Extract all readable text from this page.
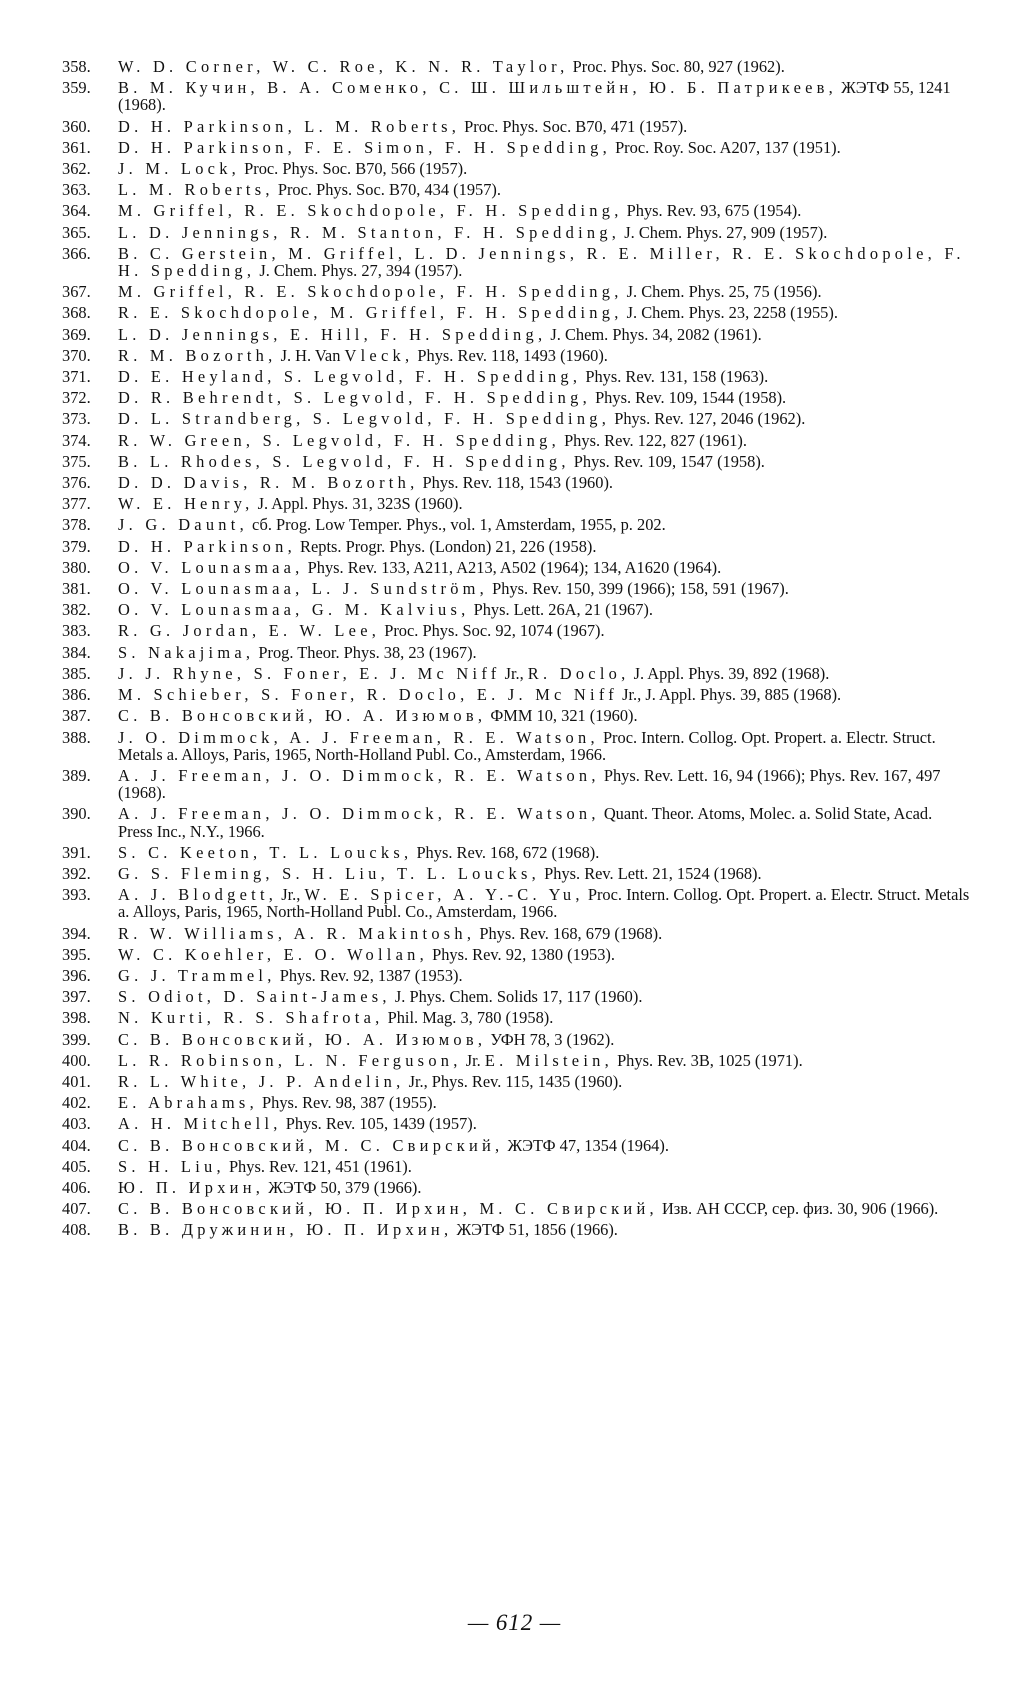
358.	W. D. Corner, W. C. Roe, K. N. R. Taylor, Proc. Phys. Soc. 80, 927 (1962).
359.	В. М. Кучин, В. А. Соменко, С. Ш. Шильштейн, Ю. Б. Патрикеев, ЖЭТФ 55, 1241 (1968).
360.	D. H. Parkinson, L. M. Roberts, Proc. Phys. Soc. B70, 471 (1957).
361.	D. H. Parkinson, F. E. Simon, F. H. Spedding, Proc. Roy. Soc. A207, 137 (1951).
362.	J. M. Lock, Proc. Phys. Soc. B70, 566 (1957).
363.	L. M. Roberts, Proc. Phys. Soc. B70, 434 (1957).
364.	M. Griffel, R. E. Skochdopole, F. H. Spedding, Phys. Rev. 93, 675 (1954).
365.	L. D. Jennings, R. M. Stanton, F. H. Spedding, J. Chem. Phys. 27, 909 (1957).
366.	B. C. Gerstein, M. Griffel, L. D. Jennings, R. E. Miller, R. E. Skochdopole, F. H. Spedding, J. Chem. Phys. 27, 394 (1957).
367.	M. Griffel, R. E. Skochdopole, F. H. Spedding, J. Chem. Phys. 25, 75 (1956).
368.	R. E. Skochdopole, M. Griffel, F. H. Spedding, J. Chem. Phys. 23, 2258 (1955).
369.	L. D. Jennings, E. Hill, F. H. Spedding, J. Chem. Phys. 34, 2082 (1961).
370.	R. M. Bozorth, J. H. Van Vleck, Phys. Rev. 118, 1493 (1960).
371.	D. E. Heyland, S. Legvold, F. H. Spedding, Phys. Rev. 131, 158 (1963).
372.	D. R. Behrendt, S. Legvold, F. H. Spedding, Phys. Rev. 109, 1544 (1958).
373.	D. L. Strandberg, S. Legvold, F. H. Spedding, Phys. Rev. 127, 2046 (1962).
374.	R. W. Green, S. Legvold, F. H. Spedding, Phys. Rev. 122, 827 (1961).
375.	B. L. Rhodes, S. Legvold, F. H. Spedding, Phys. Rev. 109, 1547 (1958).
376.	D. D. Davis, R. M. Bozorth, Phys. Rev. 118, 1543 (1960).
377.	W. E. Henry, J. Appl. Phys. 31, 323S (1960).
378.	J. G. Daunt, сб. Prog. Low Temper. Phys., vol. 1, Amsterdam, 1955, p. 202.
379.	D. H. Parkinson, Repts. Progr. Phys. (London) 21, 226 (1958).
380.	O. V. Lounasmaa, Phys. Rev. 133, A211, A213, A502 (1964); 134, A1620 (1964).
381.	O. V. Lounasmaa, L. J. Sundström, Phys. Rev. 150, 399 (1966); 158, 591 (1967).
382.	O. V. Lounasmaa, G. M. Kalvius, Phys. Lett. 26A, 21 (1967).
383.	R. G. Jordan, E. W. Lee, Proc. Phys. Soc. 92, 1074 (1967).
384.	S. Nakajima, Prog. Theor. Phys. 38, 23 (1967).
385.	J. J. Rhyne, S. Foner, E. J. Mc Niff Jr., R. Doclo, J. Appl. Phys. 39, 892 (1968).
386.	M. Schieber, S. Foner, R. Doclo, E. J. Mc Niff Jr., J. Appl. Phys. 39, 885 (1968).
387.	С. В. Вонсовский, Ю. А. Изюмов, ФММ 10, 321 (1960).
388.	J. O. Dimmock, A. J. Freeman, R. E. Watson, Proc. Intern. Collog. Opt. Propert. a. Electr. Struct. Metals a. Alloys, Paris, 1965, North-Holland Publ. Co., Amsterdam, 1966.
389.	A. J. Freeman, J. O. Dimmock, R. E. Watson, Phys. Rev. Lett. 16, 94 (1966); Phys. Rev. 167, 497 (1968).
390.	A. J. Freeman, J. O. Dimmock, R. E. Watson, Quant. Theor. Atoms, Molec. a. Solid State, Acad. Press Inc., N.Y., 1966.
391.	S. C. Keeton, T. L. Loucks, Phys. Rev. 168, 672 (1968).
392.	G. S. Fleming, S. H. Liu, T. L. Loucks, Phys. Rev. Lett. 21, 1524 (1968).
393.	A. J. Blodgett, Jr., W. E. Spicer, A. Y.-C. Yu, Proc. Intern. Collog. Opt. Propert. a. Electr. Struct. Metals a. Alloys, Paris, 1965, North-Holland Publ. Co., Amsterdam, 1966.
394.	R. W. Williams, A. R. Makintosh, Phys. Rev. 168, 679 (1968).
395.	W. C. Koehler, E. O. Wollan, Phys. Rev. 92, 1380 (1953).
396.	G. J. Trammel, Phys. Rev. 92, 1387 (1953).
397.	S. Odiot, D. Saint-James, J. Phys. Chem. Solids 17, 117 (1960).
398.	N. Kurti, R. S. Shafrota, Phil. Mag. 3, 780 (1958).
399.	С. В. Вонсовский, Ю. А. Изюмов, УФН 78, 3 (1962).
400.	L. R. Robinson, L. N. Ferguson, Jr. E. Milstein, Phys. Rev. 3B, 1025 (1971).
401.	R. L. White, J. P. Andelin, Jr., Phys. Rev. 115, 1435 (1960).
402.	E. Abrahams, Phys. Rev. 98, 387 (1955).
403.	A. H. Mitchell, Phys. Rev. 105, 1439 (1957).
404.	С. В. Вонсовский, М. С. Свирский, ЖЭТФ 47, 1354 (1964).
405.	S. H. Liu, Phys. Rev. 121, 451 (1961).
406.	Ю. П. Ирхин, ЖЭТФ 50, 379 (1966).
407.	С. В. Вонсовский, Ю. П. Ирхин, М. С. Свирский, Изв. АН СССР, сер. физ. 30, 906 (1966).
408.	В. В. Дружинин, Ю. П. Ирхин, ЖЭТФ 51, 1856 (1966).
— 612 —
